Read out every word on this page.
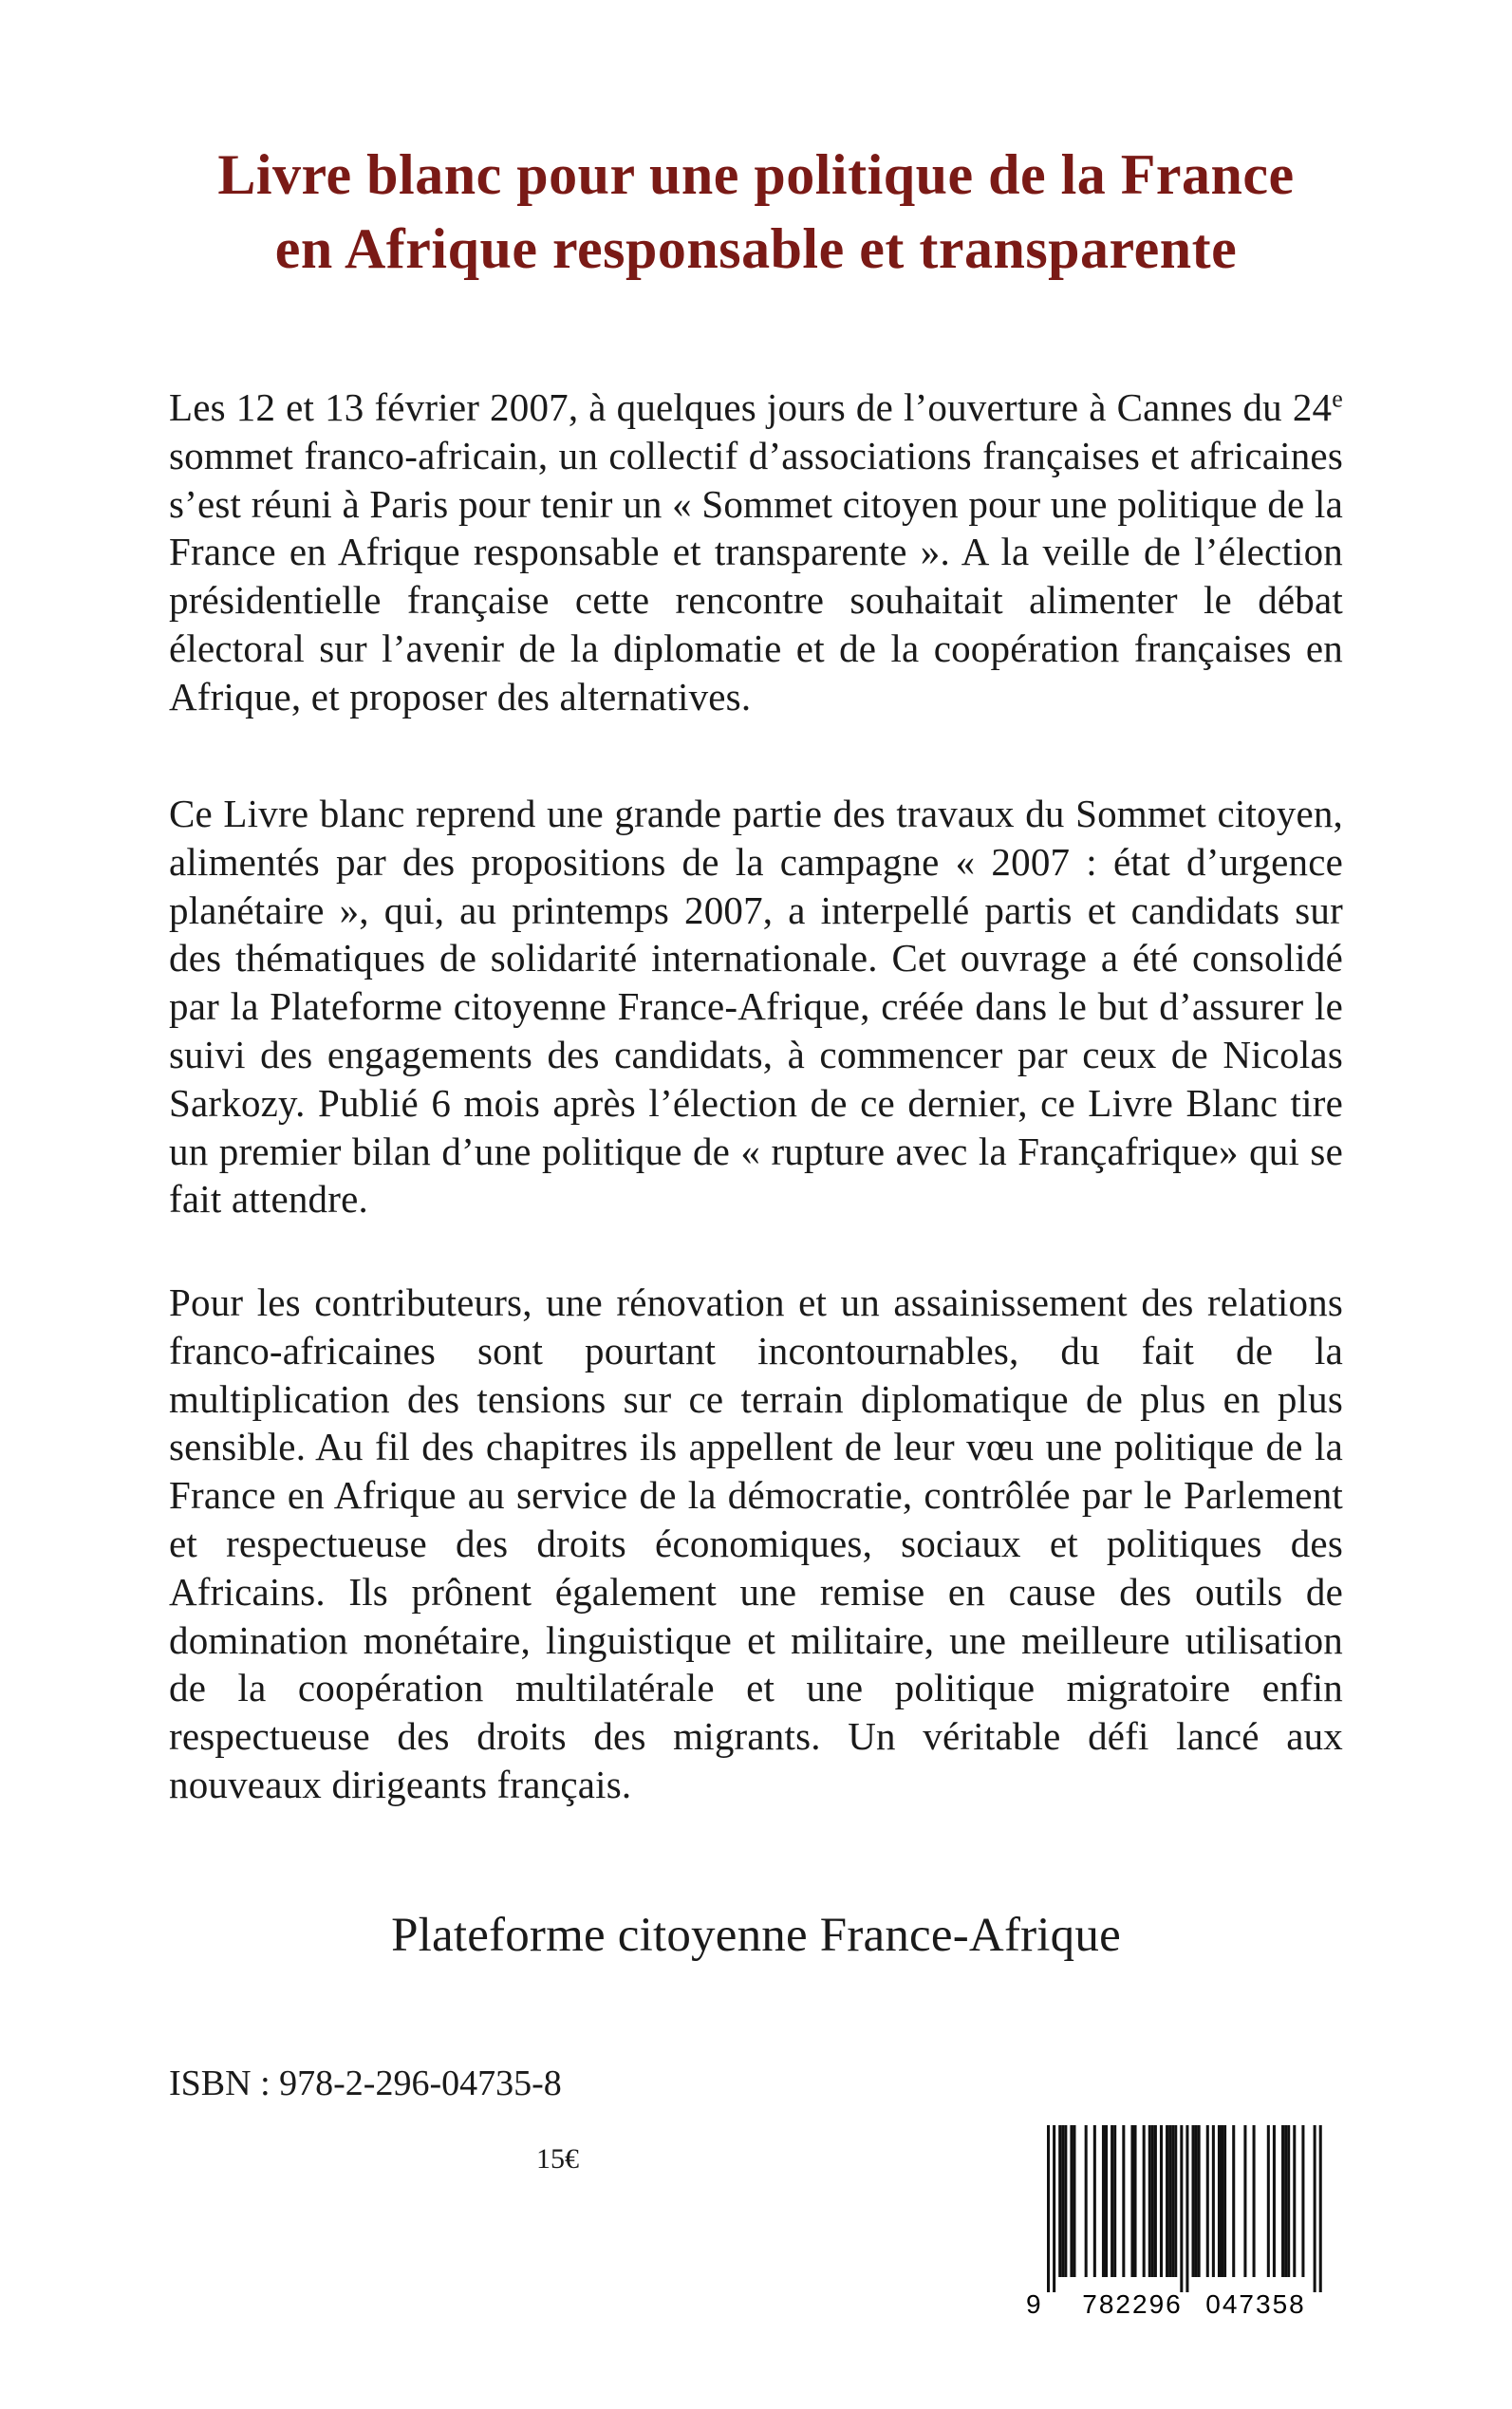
Livre blanc pour une politique de la France
en Afrique responsable et transparente

Les 12 et 13 février 2007, à quelques jours de l’ouverture à Cannes du 24e sommet franco-africain, un collectif d’associations françaises et africaines s’est réuni à Paris pour tenir un « Sommet citoyen pour une politique de la France en Afrique responsable et transparente ». A la veille de l’élection présidentielle française cette rencontre souhaitait alimenter le débat électoral sur l’avenir de la diplomatie et de la coopération françaises en Afrique, et proposer des alternatives.

Ce Livre blanc reprend une grande partie des travaux du Sommet citoyen, alimentés par des propositions de la campagne « 2007 : état d’urgence planétaire », qui, au printemps 2007, a interpellé partis et candidats sur des thématiques de solidarité internationale. Cet ouvrage a été consolidé par la Plateforme citoyenne France-Afrique, créée dans le but d’assurer le suivi des engagements des candidats, à commencer par ceux de Nicolas Sarkozy. Publié 6 mois après l’élection de ce dernier, ce Livre Blanc tire un premier bilan d’une politique de « rupture avec la Françafrique» qui se fait attendre.

Pour les contributeurs, une rénovation et un assainissement des relations franco-africaines sont pourtant incontournables, du fait de la multiplication des tensions sur ce terrain diplomatique de plus en plus sensible. Au fil des chapitres ils appellent de leur vœu une politique de la France en Afrique au service de la démocratie, contrôlée par le Parlement et respectueuse des droits économiques, sociaux et politiques des Africains. Ils prônent également une remise en cause des outils de domination monétaire, linguistique et militaire, une meilleure utilisation de la coopération multilatérale et une politique migratoire enfin respectueuse des droits des migrants. Un véritable défi lancé aux nouveaux dirigeants français.

Plateforme citoyenne France-Afrique

ISBN : 978-2-296-04735-8

15€

9 782296 047358
